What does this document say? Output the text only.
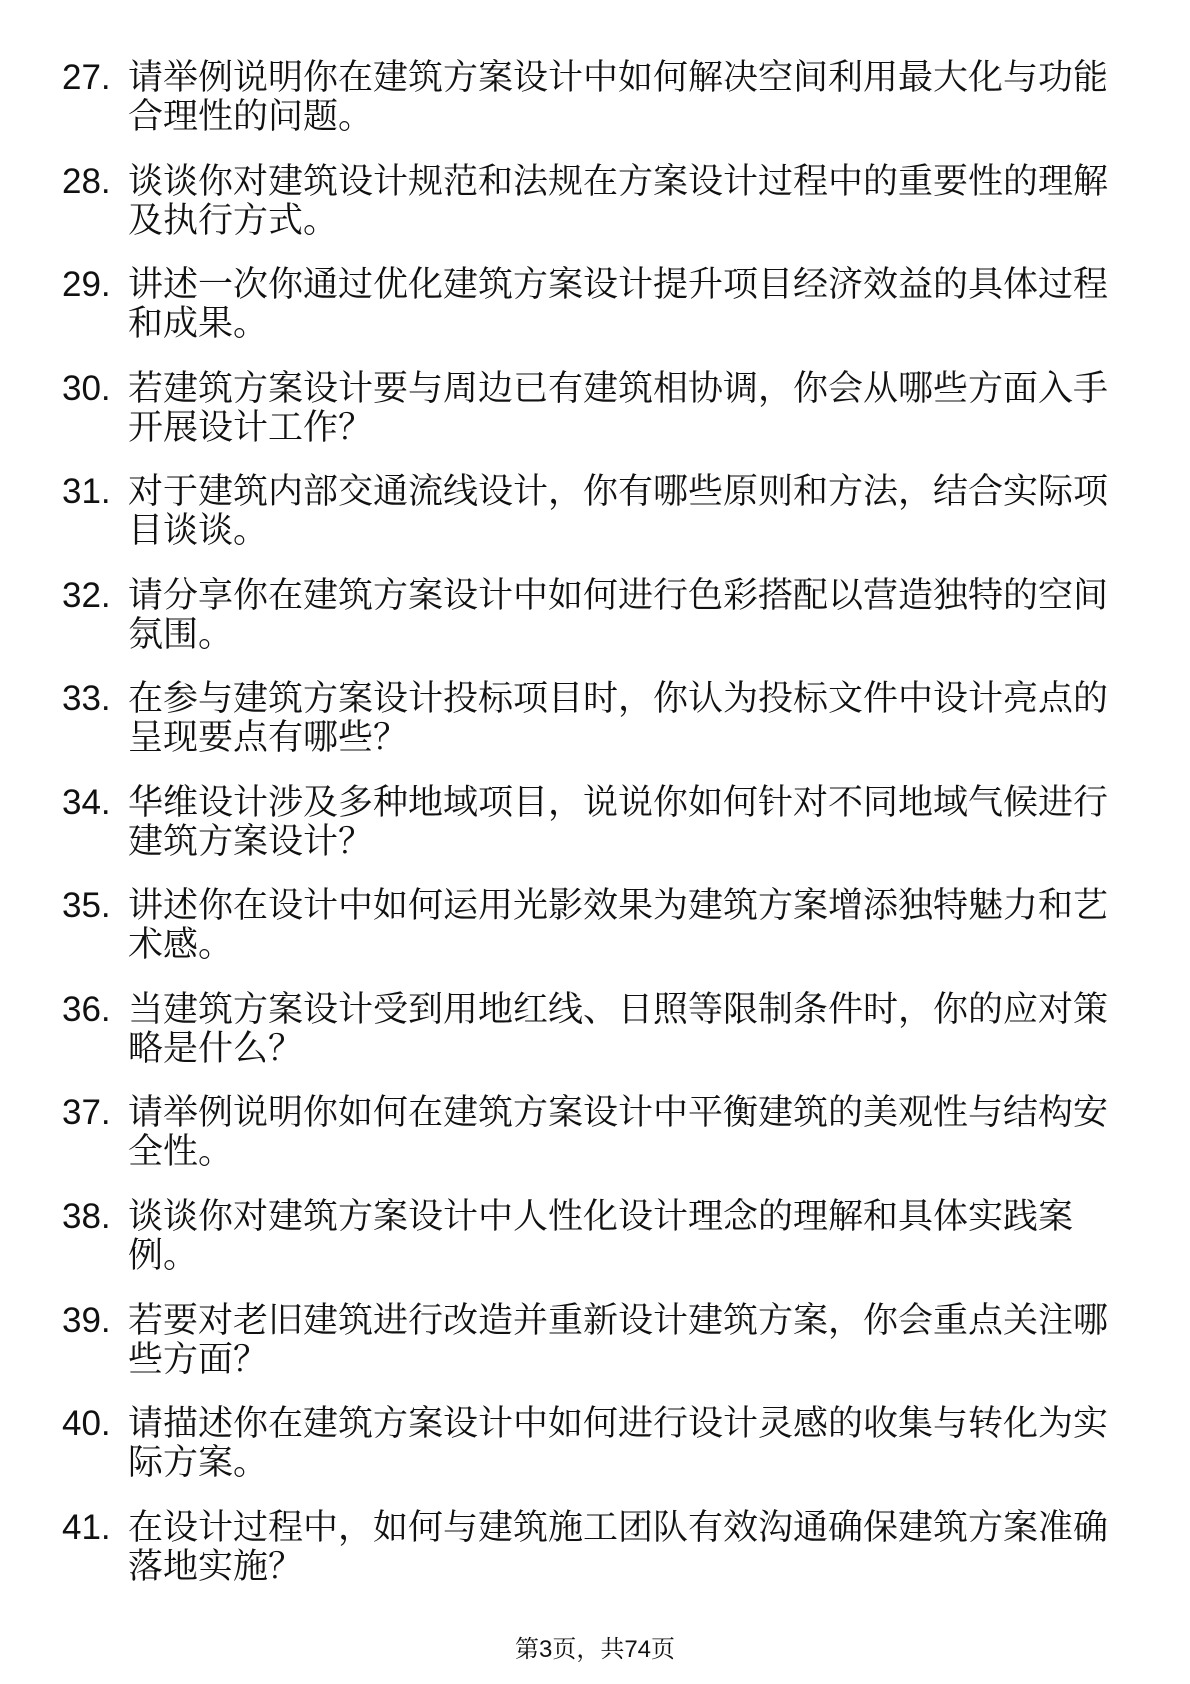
27. 请举例说明你在建筑方案设计中如何解决空间利用最大化与功能
合理性的问题。
28. 谈谈你对建筑设计规范和法规在方案设计过程中的重要性的理解
及执行方式。
29. 讲述一次你通过优化建筑方案设计提升项目经济效益的具体过程
和成果。
30. 若建筑方案设计要与周边已有建筑相协调，你会从哪些方面入手
开展设计工作？
31. 对于建筑内部交通流线设计，你有哪些原则和方法，结合实际项
目谈谈。
32. 请分享你在建筑方案设计中如何进行色彩搭配以营造独特的空间
氛围。
33. 在参与建筑方案设计投标项目时，你认为投标文件中设计亮点的
呈现要点有哪些？
34. 华维设计涉及多种地域项目，说说你如何针对不同地域气候进行
建筑方案设计？
35. 讲述你在设计中如何运用光影效果为建筑方案增添独特魅力和艺
术感。
36. 当建筑方案设计受到用地红线、日照等限制条件时，你的应对策
略是什么？
37. 请举例说明你如何在建筑方案设计中平衡建筑的美观性与结构安
全性。
38. 谈谈你对建筑方案设计中人性化设计理念的理解和具体实践案
例。
39. 若要对老旧建筑进行改造并重新设计建筑方案，你会重点关注哪
些方面？
40. 请描述你在建筑方案设计中如何进行设计灵感的收集与转化为实
际方案。
41. 在设计过程中，如何与建筑施工团队有效沟通确保建筑方案准确
落地实施？
第3页，共74页
